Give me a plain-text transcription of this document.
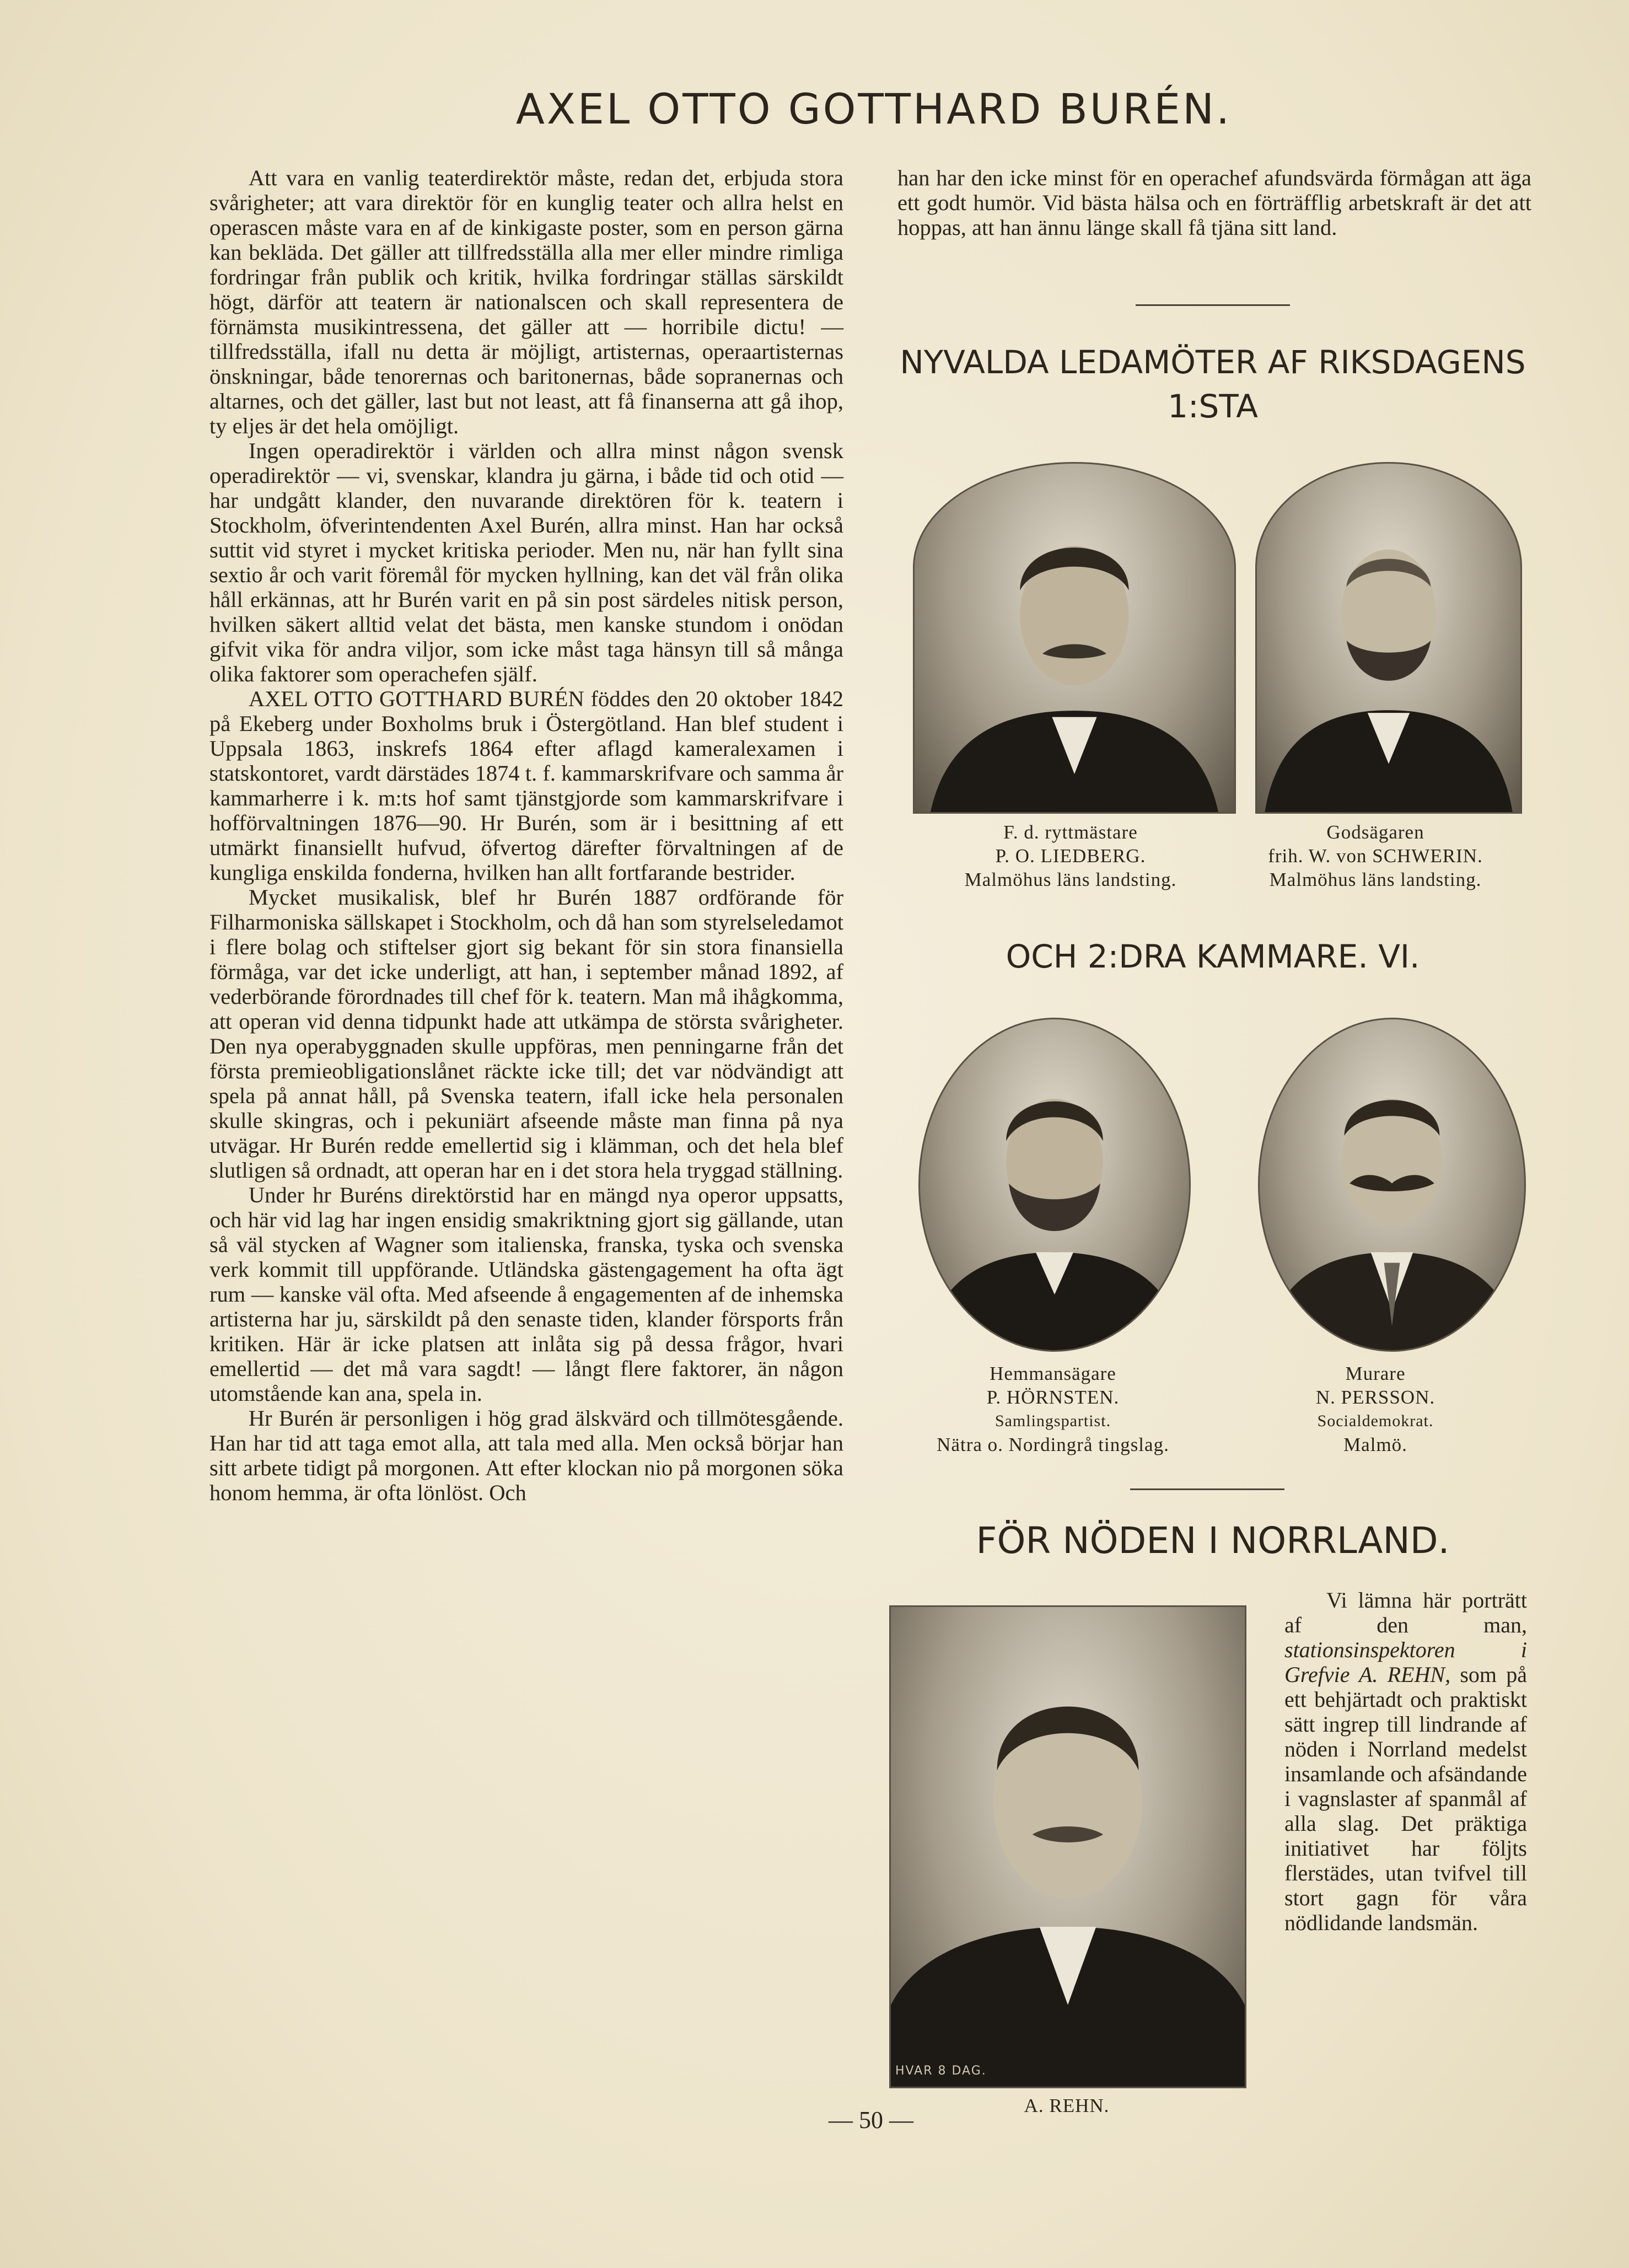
AXEL OTTO GOTTHARD BURÉN.

Att vara en vanlig teaterdirektör måste, redan det, erbjuda stora svårigheter; att vara direktör för en kunglig teater och allra helst en operascen måste vara en af de kinkigaste poster, som en person gärna kan bekläda. Det gäller att tillfredsställa alla mer eller mindre rimliga fordringar från publik och kritik, hvilka fordringar ställas särskildt högt, därför att teatern är nationalscen och skall representera de förnämsta musikintressena, det gäller att — horribile dictu! — tillfredsställa, ifall nu detta är möjligt, artisternas, operaartisternas önskningar, både tenorernas och baritonernas, både sopranernas och altarnes, och det gäller, last but not least, att få finanserna att gå ihop, ty eljes är det hela omöjligt.

Ingen operadirektör i världen och allra minst någon svensk operadirektör — vi, svenskar, klandra ju gärna, i både tid och otid — har undgått klander, den nuvarande direktören för k. teatern i Stockholm, öfverintendenten Axel Burén, allra minst. Han har också suttit vid styret i mycket kritiska perioder. Men nu, när han fyllt sina sextio år och varit föremål för mycken hyllning, kan det väl från olika håll erkännas, att hr Burén varit en på sin post särdeles nitisk person, hvilken säkert alltid velat det bästa, men kanske stundom i onödan gifvit vika för andra viljor, som icke måst taga hänsyn till så många olika faktorer som operachefen själf.

AXEL OTTO GOTTHARD BURÉN föddes den 20 oktober 1842 på Ekeberg under Boxholms bruk i Östergötland. Han blef student i Uppsala 1863, inskrefs 1864 efter aflagd kameralexamen i statskontoret, vardt därstädes 1874 t. f. kammarskrifvare och samma år kammarherre i k. m:ts hof samt tjänstgjorde som kammarskrifvare i hofförvaltningen 1876—90. Hr Burén, som är i besittning af ett utmärkt finansiellt hufvud, öfvertog därefter förvaltningen af de kungliga enskilda fonderna, hvilken han allt fortfarande bestrider.

Mycket musikalisk, blef hr Burén 1887 ordförande för Filharmoniska sällskapet i Stockholm, och då han som styrelseledamot i flere bolag och stiftelser gjort sig bekant för sin stora finansiella förmåga, var det icke underligt, att han, i september månad 1892, af vederbörande förordnades till chef för k. teatern. Man må ihågkomma, att operan vid denna tidpunkt hade att utkämpa de största svårigheter. Den nya operabyggnaden skulle uppföras, men penningarne från det första premieobligationslånet räckte icke till; det var nödvändigt att spela på annat håll, på Svenska teatern, ifall icke hela personalen skulle skingras, och i pekuniärt afseende måste man finna på nya utvägar. Hr Burén redde emellertid sig i klämman, och det hela blef slutligen så ordnadt, att operan har en i det stora hela tryggad ställning.

Under hr Buréns direktörstid har en mängd nya operor uppsatts, och här vid lag har ingen ensidig smakriktning gjort sig gällande, utan så väl stycken af Wagner som italienska, franska, tyska och svenska verk kommit till uppförande. Utländska gästengagement ha ofta ägt rum — kanske väl ofta. Med afseende å engagementen af de inhemska artisterna har ju, särskildt på den senaste tiden, klander försports från kritiken. Här är icke platsen att inlåta sig på dessa frågor, hvari emellertid — det må vara sagdt! — långt flere faktorer, än någon utomstående kan ana, spela in.

Hr Burén är personligen i hög grad älskvärd och tillmötesgående. Han har tid att taga emot alla, att tala med alla. Men också börjar han sitt arbete tidigt på morgonen. Att efter klockan nio på morgonen söka honom hemma, är ofta lönlöst. Och

han har den icke minst för en operachef afundsvärda förmågan att äga ett godt humör. Vid bästa hälsa och en förträfflig arbetskraft är det att hoppas, att han ännu länge skall få tjäna sitt land.

NYVALDA LEDAMÖTER AF RIKSDAGENS
1:STA
F. d. ryttmästare
P. O. LIEDBERG.
Malmöhus läns landsting.
Godsägaren
frih. W. von SCHWERIN.
Malmöhus läns landsting.
OCH 2:DRA KAMMARE. VI.
Hemmansägare
P. HÖRNSTEN.
Samlingspartist.
Nätra o. Nordingrå tingslag.
Murare
N. PERSSON.
Socialdemokrat.
Malmö.
FÖR NÖDEN I NORRLAND.
HVAR 8 DAG.
A. REHN.

Vi lämna här porträtt af den man, stationsinspektoren i Grefvie A. REHN, som på ett behjärtadt och praktiskt sätt ingrep till lindrande af nöden i Norrland medelst insamlande och afsändande i vagnslaster af spanmål af alla slag. Det präktiga initiativet har följts flerstädes, utan tvifvel till stort gagn för våra nödlidande landsmän.

— 50 —
